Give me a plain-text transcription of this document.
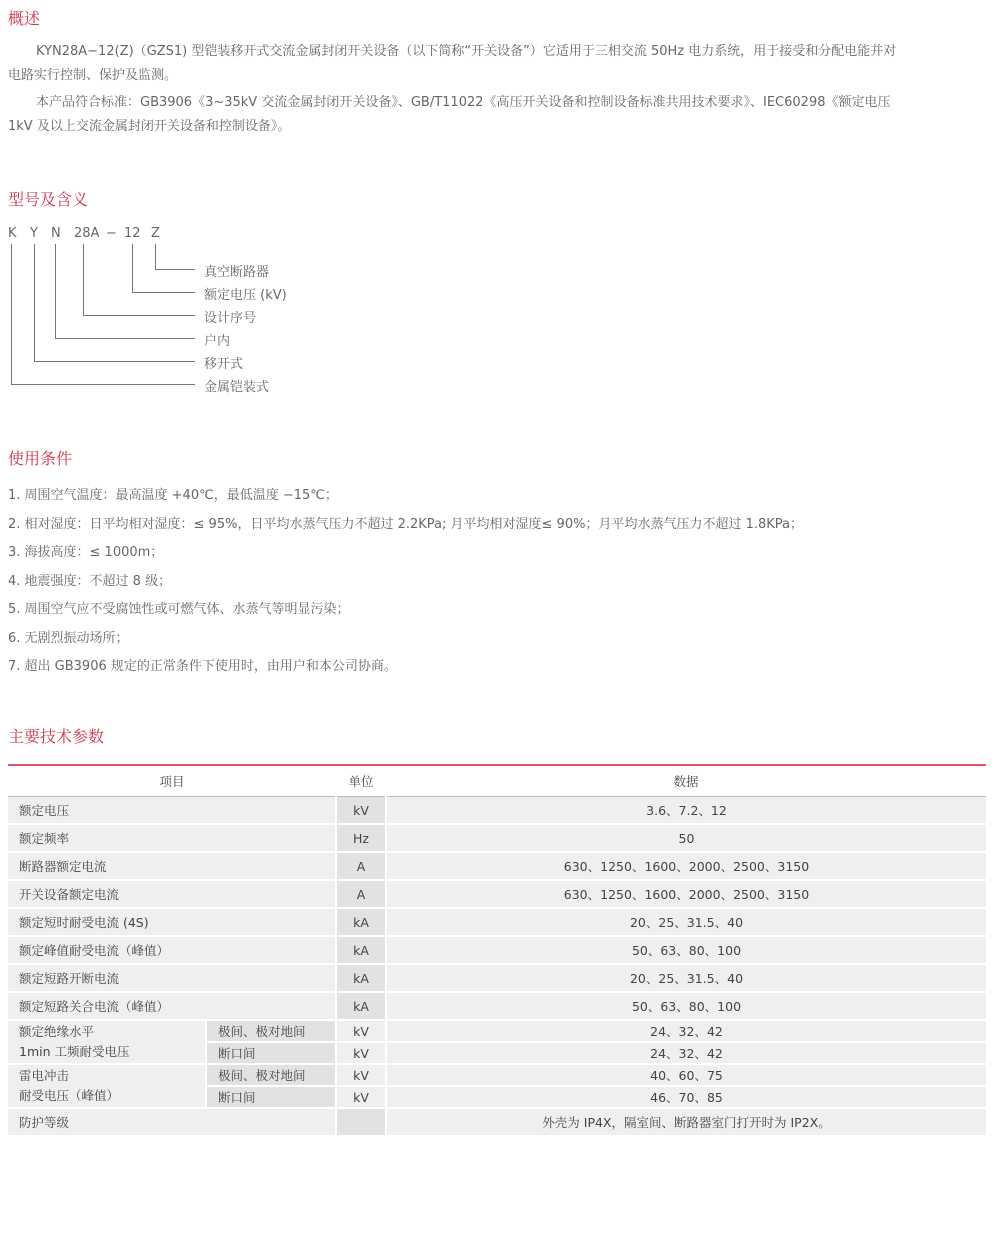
概述
KYN28A−12(Z)（GZS1) 型铠装移开式交流金属封闭开关设备（以下简称“开关设备”）它适用于三相交流 50Hz 电力系统，用于接受和分配电能并对
电路实行控制、保护及监测。
本产品符合标准：GB3906《3~35kV 交流金属封闭开关设备》、GB/T11022《高压开关设备和控制设备标准共用技术要求》、IEC60298《额定电压
1kV 及以上交流金属封闭开关设备和控制设备》。
型号及含义
K Y N 28A − 12 Z
真空断路器
额定电压 (kV)
设计序号
户内
移开式
金属铠装式
使用条件
1. 周围空气温度：最高温度 +40℃，最低温度 −15℃；
2. 相对湿度：日平均相对湿度：≤ 95%，日平均水蒸气压力不超过 2.2KPa; 月平均相对湿度≤ 90%；月平均水蒸气压力不超过 1.8KPa；
3. 海拔高度：≤ 1000m；
4. 地震强度：不超过 8 级；
5. 周围空气应不受腐蚀性或可燃气体、水蒸气等明显污染；
6. 无剧烈振动场所；
7. 超出 GB3906 规定的正常条件下使用时，由用户和本公司协商。
主要技术参数
项目		单位	数据
额定电压		kV	3.6、7.2、12
额定频率		Hz	50
断路器额定电流		A	630、1250、1600、2000、2500、3150
开关设备额定电流		A	630、1250、1600、2000、2500、3150
额定短时耐受电流 (4S)		kA	20、25、31.5、40
额定峰值耐受电流（峰值）		kA	50、63、80、100
额定短路开断电流		kA	20、25、31.5、40
额定短路关合电流（峰值）		kA	50、63、80、100

额定绝缘水平
1min 工频耐受电压	极间、极对地间	kV	24、32、42
	断口间	kV	24、32、42

雷电冲击
耐受电压（峰值）	极间、极对地间	kV	40、60、75
	断口间	kV	46、70、85
防护等级			外壳为 IP4X，隔室间、断路器室门打开时为 IP2X。
